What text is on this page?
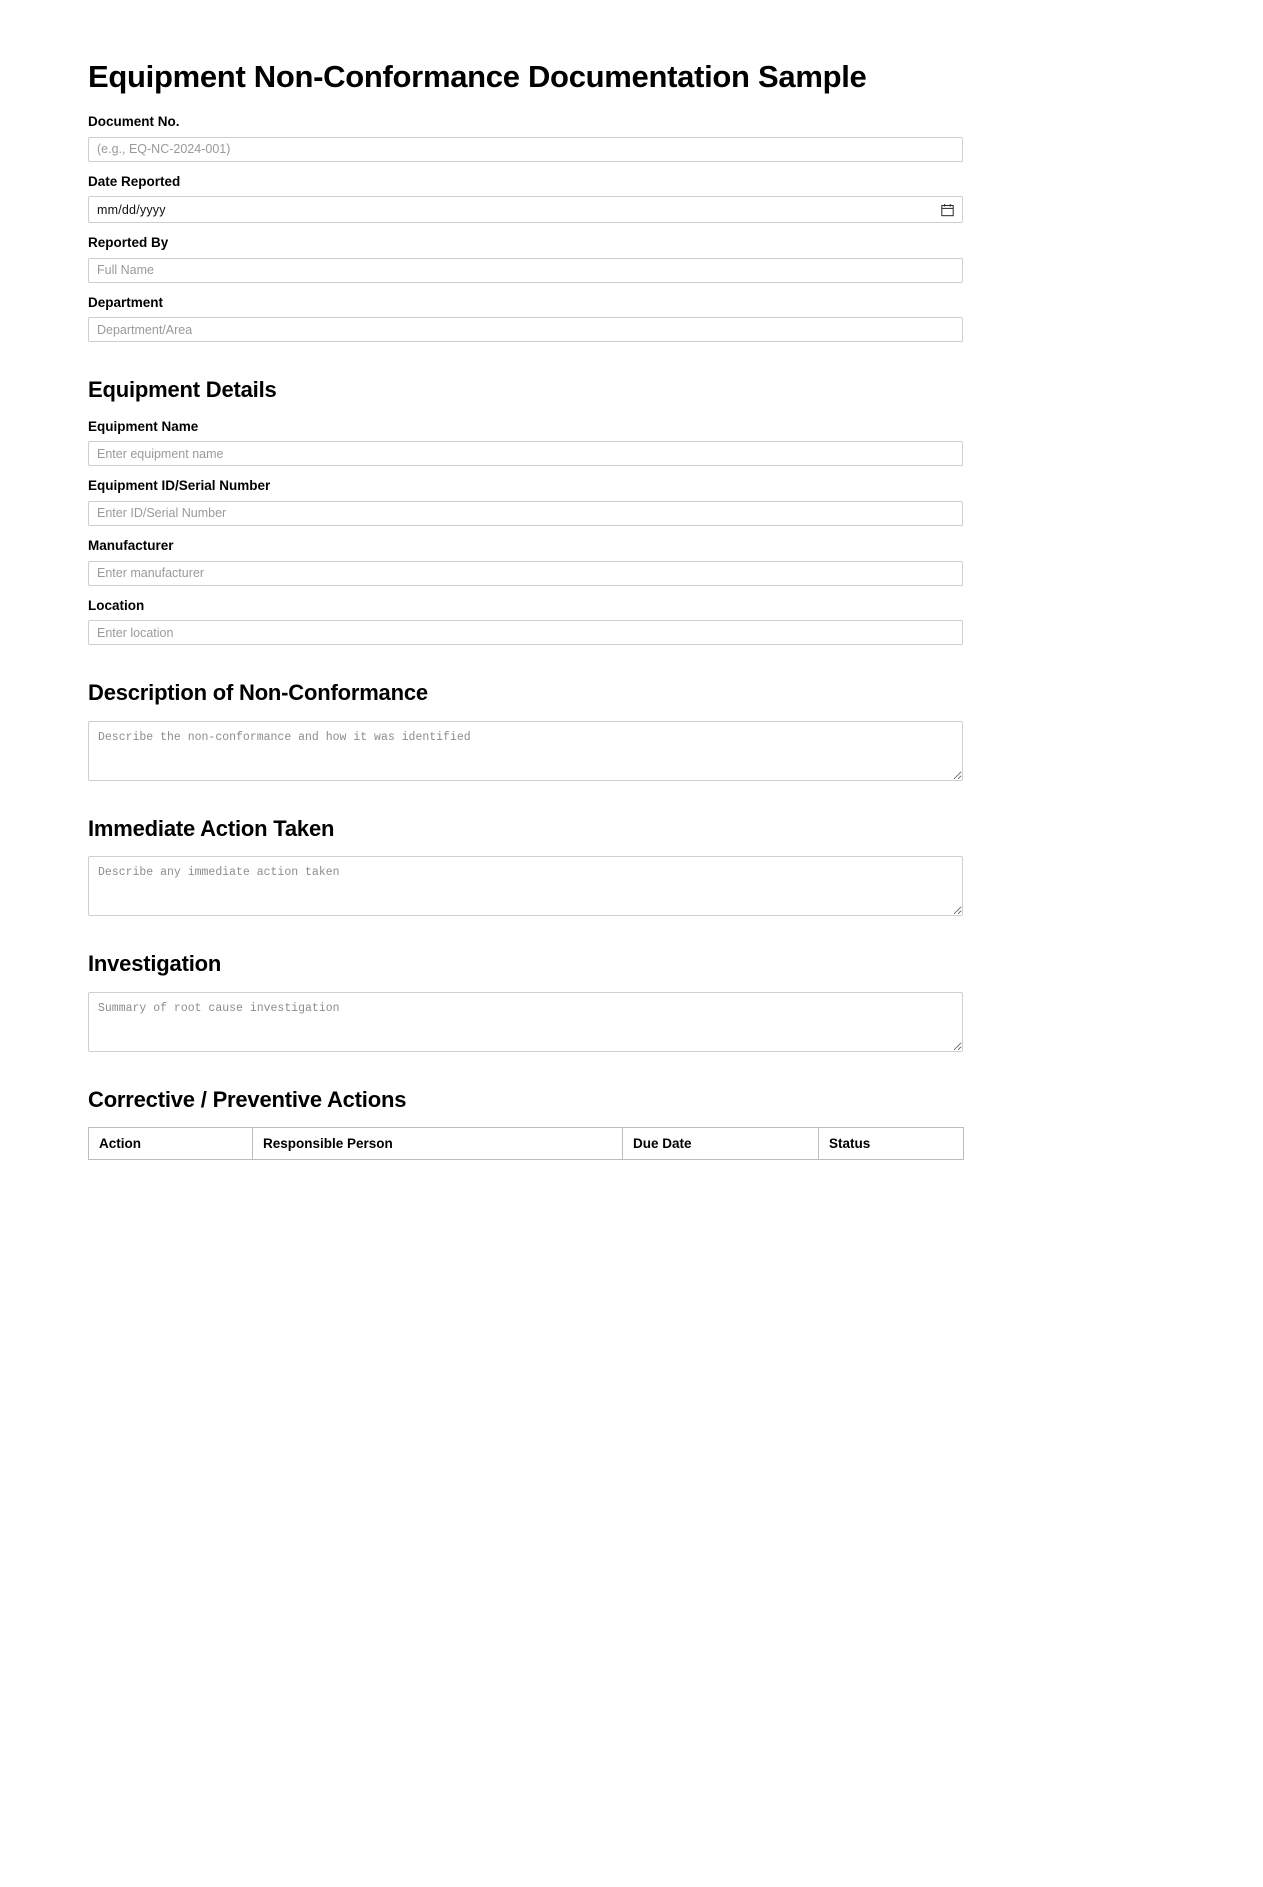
Equipment Non-Conformance Documentation Sample
Document No.
(e.g., EQ-NC-2024-001)
Date Reported
mm/dd/yyyy
Reported By
Full Name
Department
Department/Area
Equipment Details
Equipment Name
Enter equipment name
Equipment ID/Serial Number
Enter ID/Serial Number
Manufacturer
Enter manufacturer
Location
Enter location
Description of Non-Conformance
Describe the non-conformance and how it was identified
Immediate Action Taken
Describe any immediate action taken
Investigation
Summary of root cause investigation
Corrective / Preventive Actions
Action	Responsible Person	Due Date	Status
